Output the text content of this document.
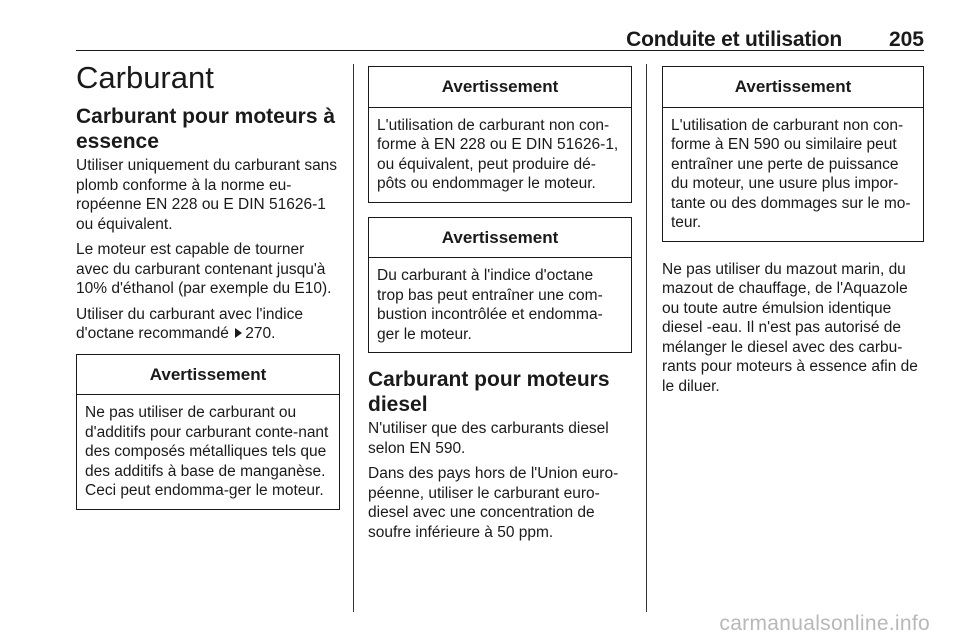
Conduite et utilisation 205
Carburant
Carburant pour moteurs à essence

Utiliser uniquement du carburant sans plomb conforme à la norme eu-ropéenne EN 228 ou E DIN 51626-1 ou équivalent.

Le moteur est capable de tourner avec du carburant contenant jusqu'à 10% d'éthanol (par exemple du E10).

Utiliser du carburant avec l'indice d'octane recommandé 270.

Avertissement
Ne pas utiliser de carburant ou d'additifs pour carburant conte-nant des composés métalliques tels que des additifs à base de manganèse. Ceci peut endomma-ger le moteur.
Avertissement
L'utilisation de carburant non con-forme à EN 228 ou E DIN 51626-1, ou équivalent, peut produire dé-pôts ou endommager le moteur.
Avertissement
Du carburant à l'indice d'octane trop bas peut entraîner une com-bustion incontrôlée et endomma-ger le moteur.
Carburant pour moteurs diesel

N'utiliser que des carburants diesel selon EN 590.

Dans des pays hors de l'Union euro-péenne, utiliser le carburant euro-diesel avec une concentration de soufre inférieure à 50 ppm.

Avertissement
L'utilisation de carburant non con-forme à EN 590 ou similaire peut entraîner une perte de puissance du moteur, une usure plus impor-tante ou des dommages sur le mo-teur.

Ne pas utiliser du mazout marin, du mazout de chauffage, de l'Aquazole ou toute autre émulsion identique diesel -eau. Il n'est pas autorisé de mélanger le diesel avec des carbu-rants pour moteurs à essence afin de le diluer.

carmanualsonline.info
